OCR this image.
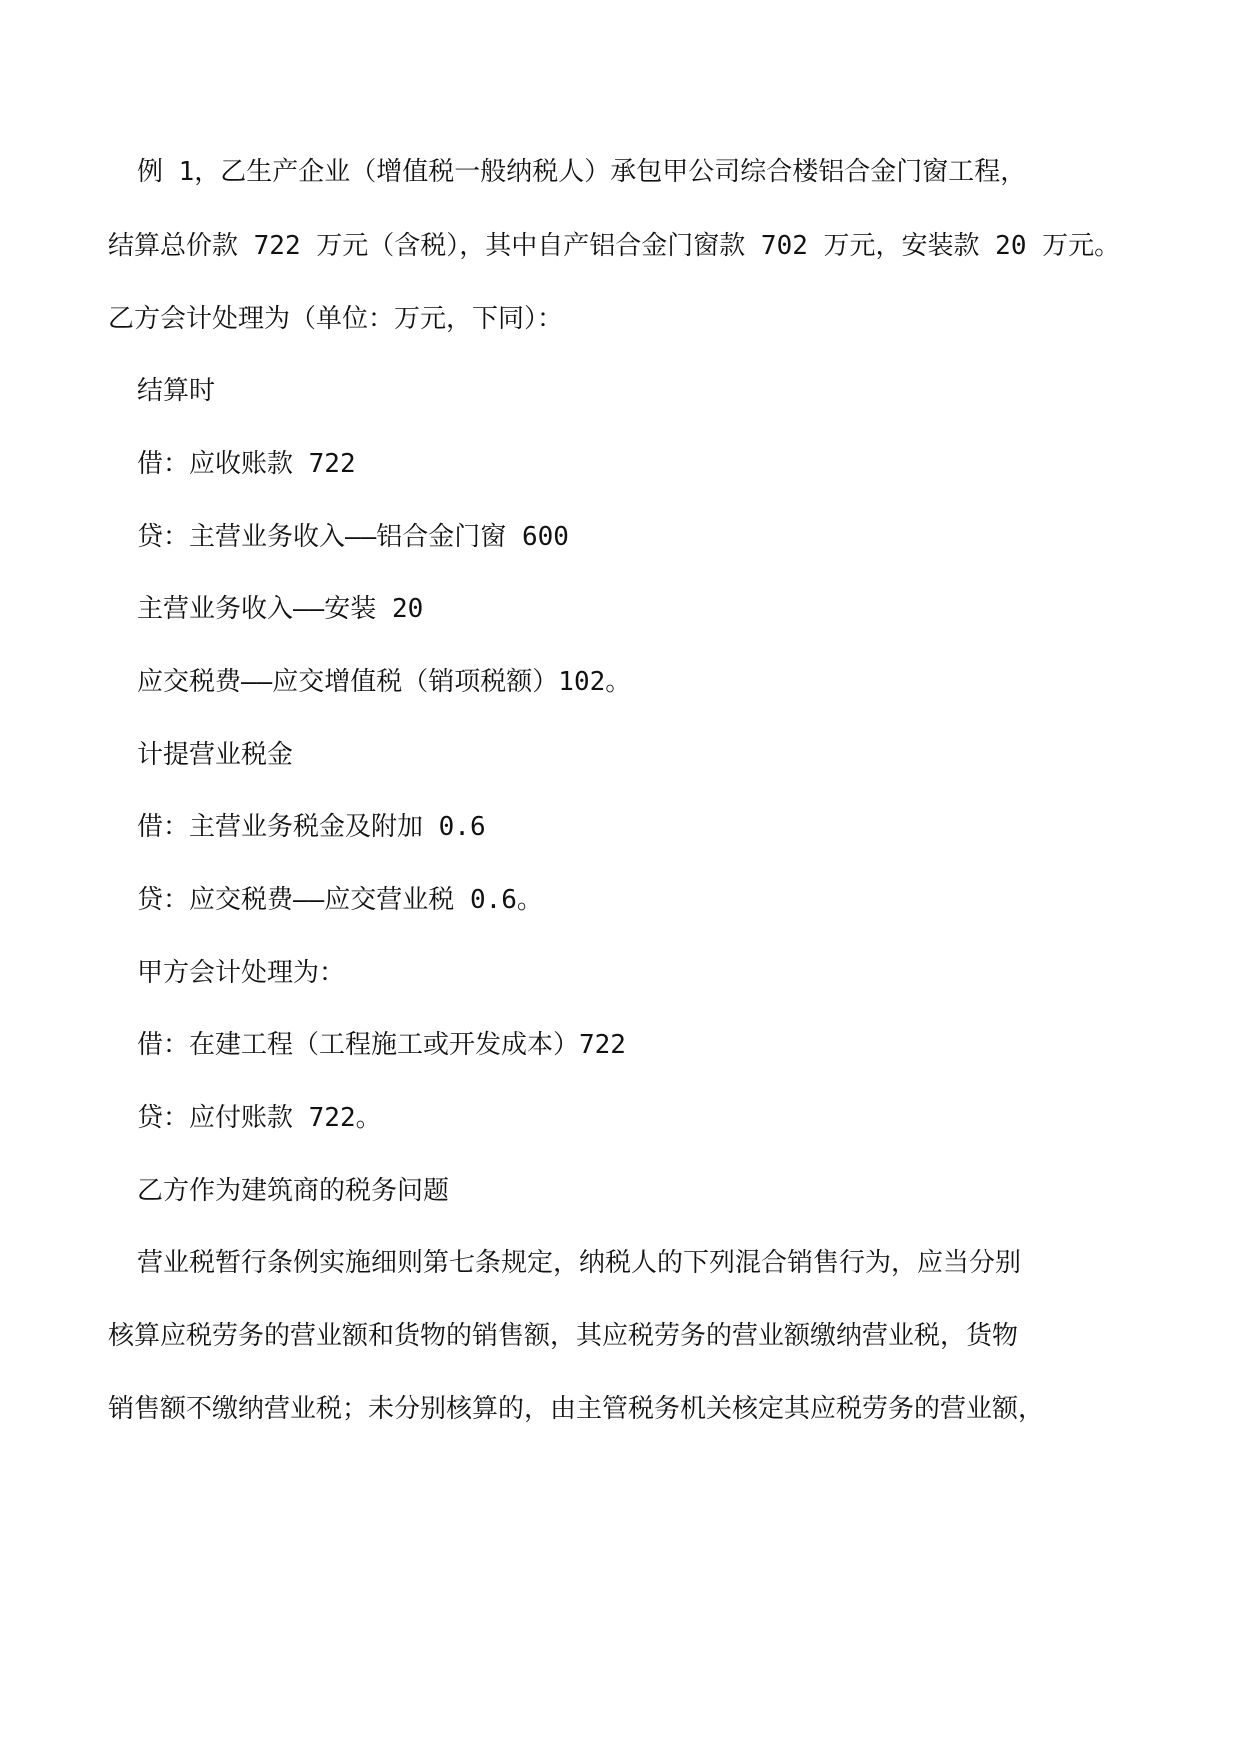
例 1，乙生产企业（增值税一般纳税人）承包甲公司综合楼铝合金门窗工程，
结算总价款 722 万元（含税），其中自产铝合金门窗款 702 万元，安装款 20 万元。
乙方会计处理为（单位：万元，下同）：
结算时
借：应收账款 722
贷：主营业务收入——铝合金门窗 600
主营业务收入——安装 20
应交税费——应交增值税（销项税额）102。
计提营业税金
借：主营业务税金及附加 0.6
贷：应交税费——应交营业税 0.6。
甲方会计处理为：
借：在建工程（工程施工或开发成本）722
贷：应付账款 722。
乙方作为建筑商的税务问题
营业税暂行条例实施细则第七条规定，纳税人的下列混合销售行为，应当分别
核算应税劳务的营业额和货物的销售额，其应税劳务的营业额缴纳营业税，货物
销售额不缴纳营业税；未分别核算的，由主管税务机关核定其应税劳务的营业额，
